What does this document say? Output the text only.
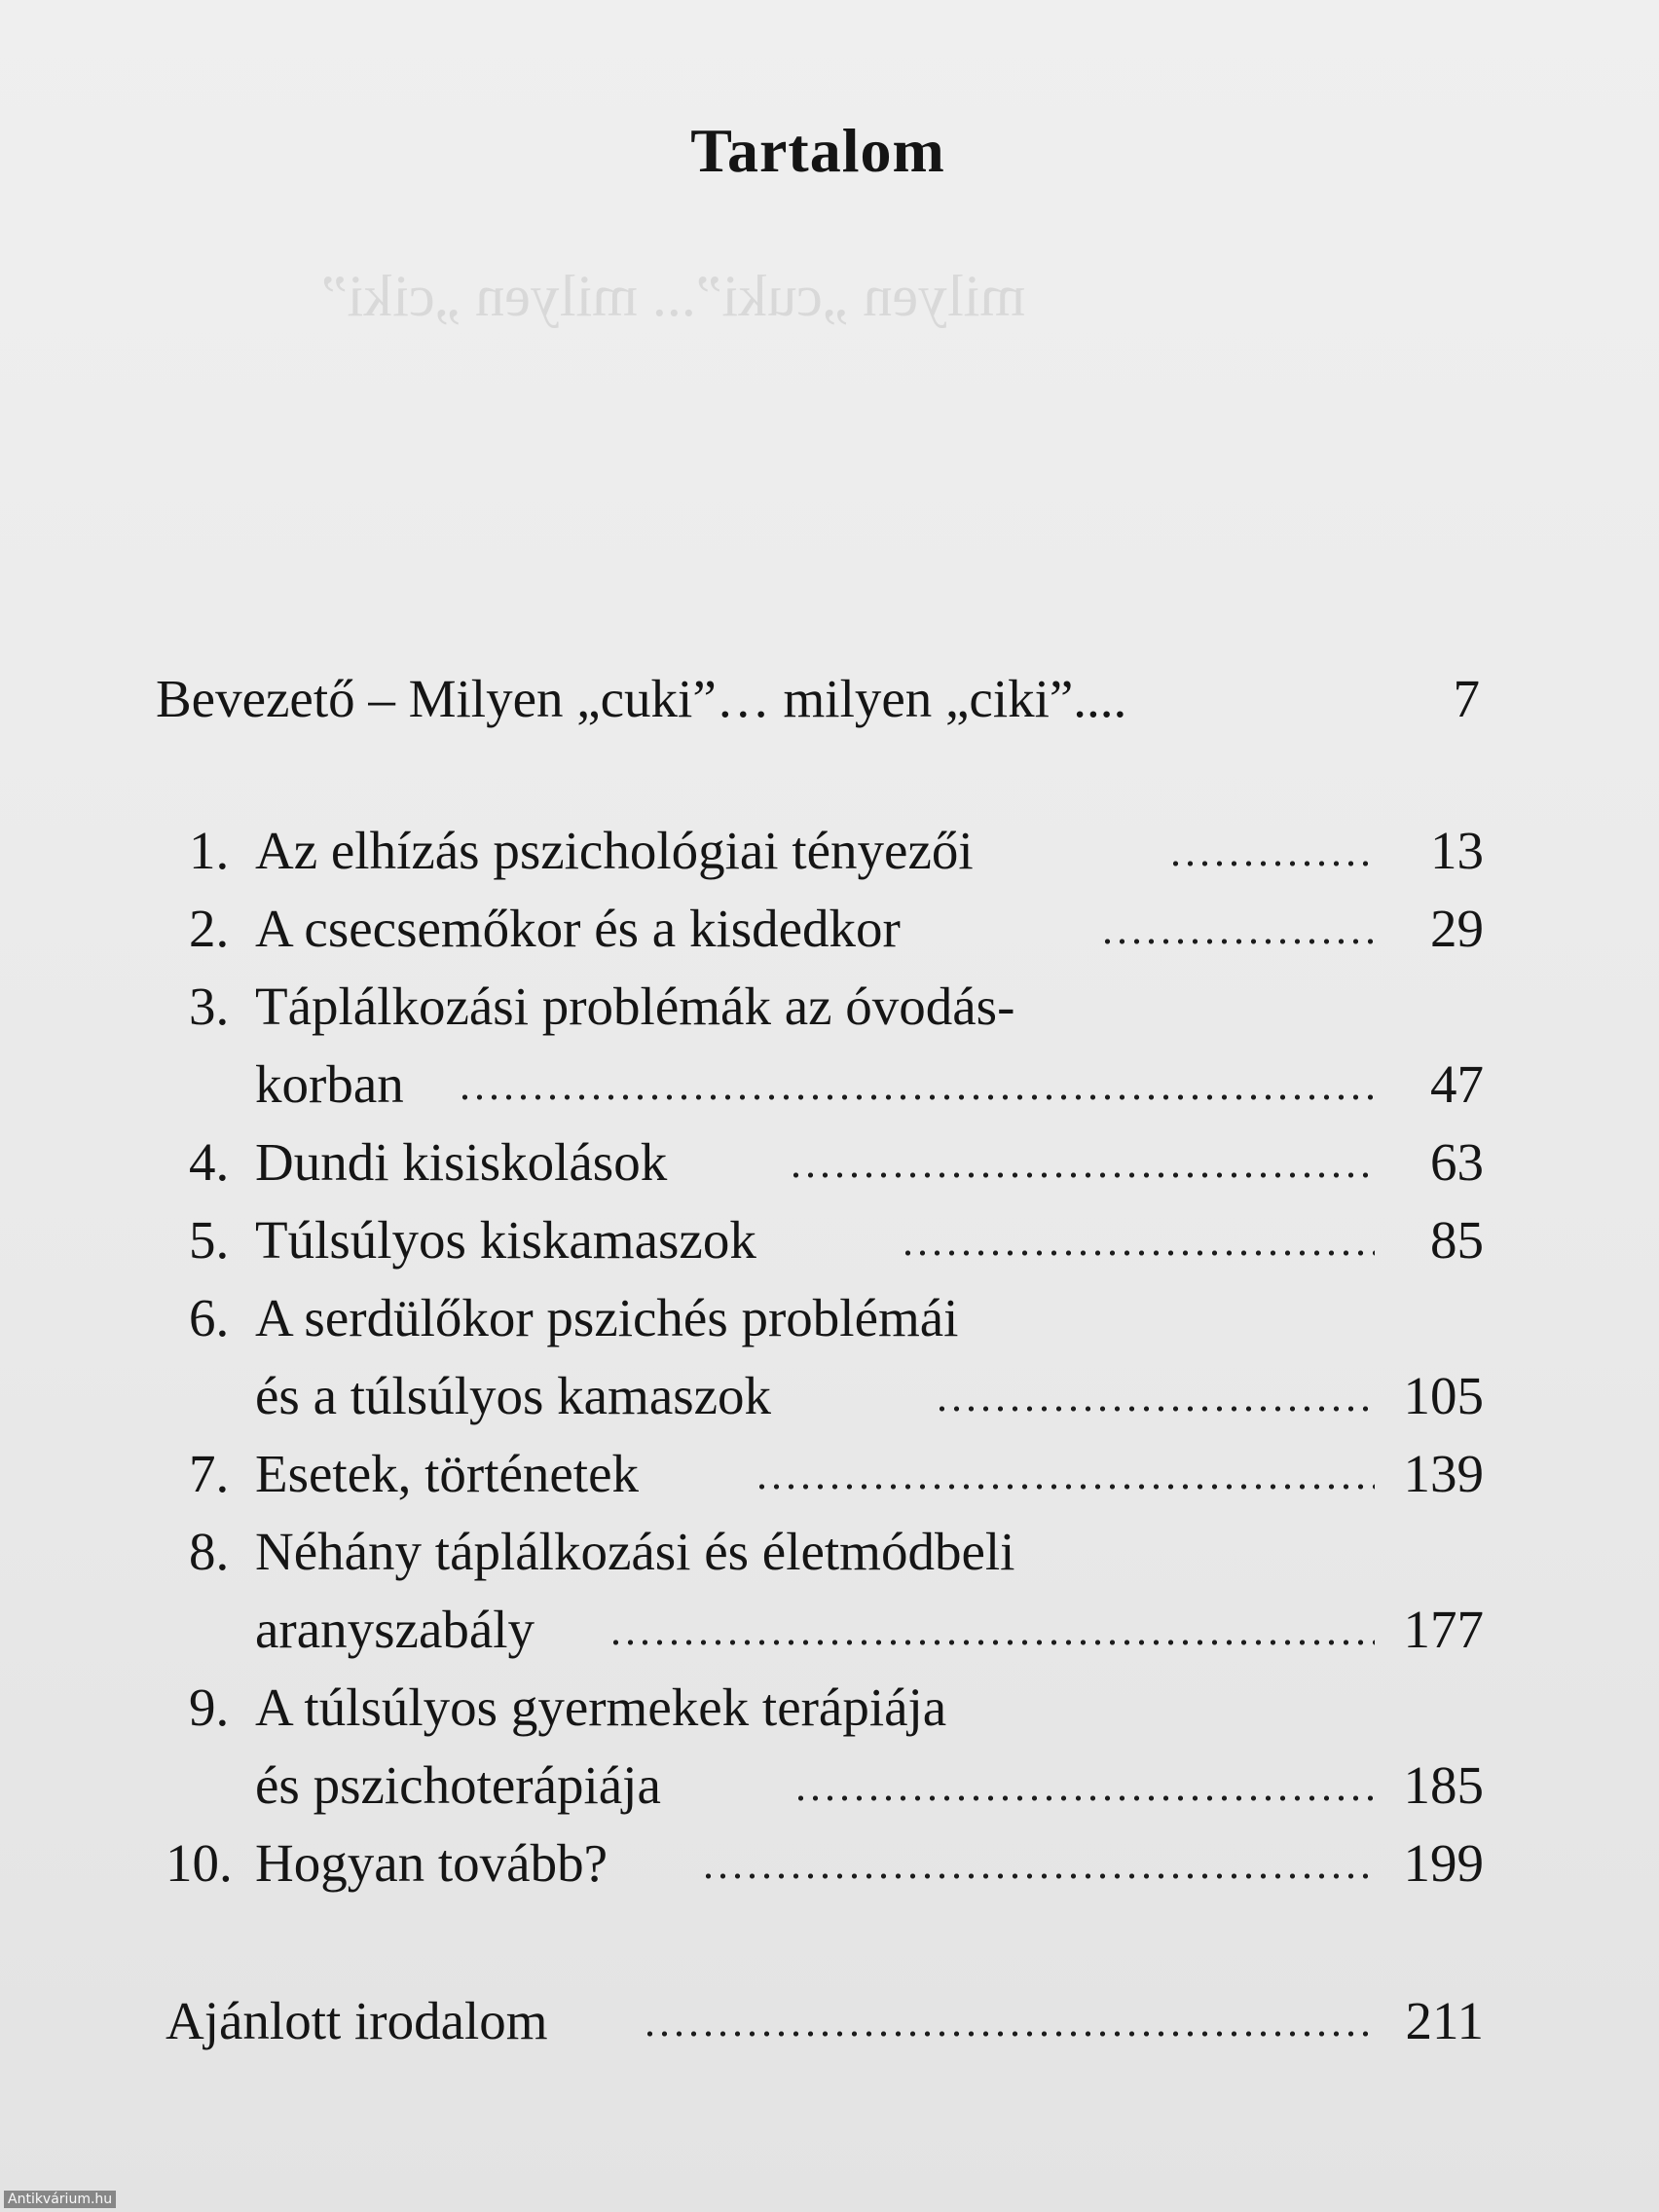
milyen „cuki”... milyen „ciki”
Tartalom
Bevezető – Milyen „cuki”… milyen „ciki”....	7
1. Az elhízás pszichológiai tényezői	13
2. A csecsemőkor és a kisdedkor	29
3. Táplálkozási problémák az óvodás-
korban	47
4. Dundi kisiskolások	63
5. Túlsúlyos kiskamaszok	85
6. A serdülőkor pszichés problémái
és a túlsúlyos kamaszok	105
7. Esetek, történetek	139
8. Néhány táplálkozási és életmódbeli
aranyszabály	177
9. A túlsúlyos gyermekek terápiája
és pszichoterápiája	185
10. Hogyan tovább?	199
Ajánlott irodalom	211
Antikvárium.hu
